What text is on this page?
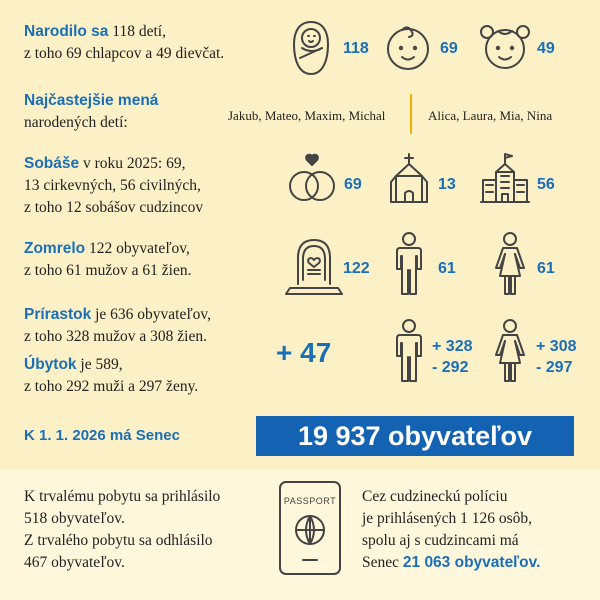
Narodilo sa 118 detí,
z toho 69 chlapcov a 49 dievčat.	118	69	49
Najčastejšie mená
narodených detí:	Jakub, Mateo, Maxim, Michal	Alica, Laura, Mia, Nina
Sobáše v roku 2025: 69,
13 cirkevných, 56 civilných,
z toho 12 sobášov cudzincov
69	13	56
Zomrelo 122 obyvateľov,
z toho 61 mužov a 61 žien.	122	61	61
Prírastok je 636 obyvateľov,
z toho 328 mužov a 308 žien.
Úbytok je 589,
z toho 292 muži a 297 ženy.
+ 47	+ 328
- 292
+ 308
- 297
K 1. 1. 2026 má Senec	19 937 obyvateľov
K trvalému pobytu sa prihlásilo
518 obyvateľov.
Z trvalého pobytu sa odhlásilo
467 obyvateľov.
PASSPORT	Cez cudzineckú políciu
je prihlásených 1 126 osôb,
spolu aj s cudzincami má
Senec 21 063 obyvateľov.
